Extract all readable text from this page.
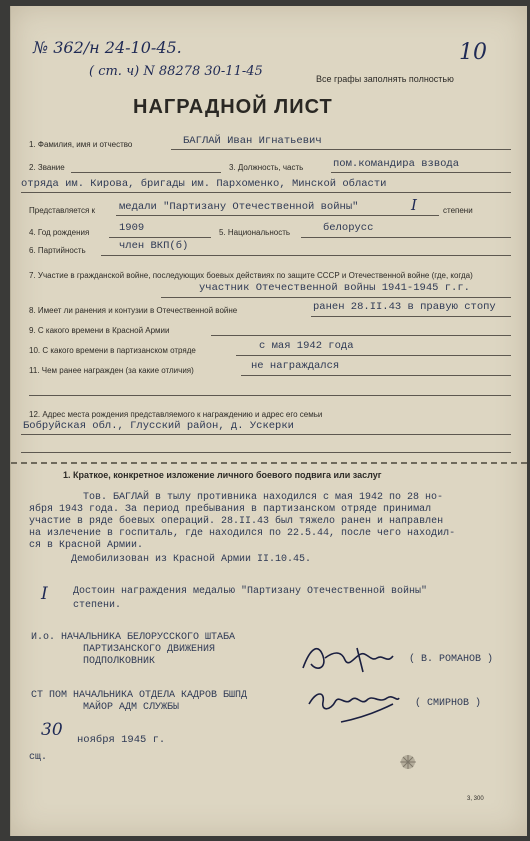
№ 362/н 24-10-45.
( ст. ч) N 88278 30-11-45
10
Все графы заполнять полностью
НАГРАДНОЙ ЛИСТ
1. Фамилия, имя и отчество	БАГЛАЙ Иван Игнатьевич
2. Звание	3. Должность, часть	пом.командира взвода
отряда им. Кирова, бригады им. Пархоменко, Минской области
Представляется к медали "Партизану Отечественной войны"	I	степени
4. Год рождения	1909	5. Национальность	белорусс
6. Партийность	член ВКП(б)
7. Участие в гражданской войне, последующих боевых действиях по защите СССР и Отечественной войне (где, когда)
участник Отечественной войны 1941-1945 г.г.
8. Имеет ли ранения и контузии в Отечественной войне	ранен 28.II.43 в правую стопу
9. С какого времени в Красной Армии
10. С какого времени в партизанском отряде	с мая 1942 года
11. Чем ранее награжден (за какие отличия)	не награждался
12. Адрес места рождения представляемого к награждению и адрес его семьи
Бобруйская обл., Глусский район, д. Ускерки
1. Краткое, конкретное изложение личного боевого подвига или заслуг
Тов. БАГЛАЙ в тылу противника находился с мая 1942 по 28 но-
ября 1943 года. За период пребывания в партизанском отряде принимал
участие в ряде боевых операций. 28.II.43 был тяжело ранен и направлен
на излечение в госпиталь, где находился по 22.5.44, после чего находил-
ся в Красной Армии.
Демобилизован из Красной Армии II.10.45.
I	Достоин награждения медалью "Партизану Отечественной войны"
степени.
И.о. НАЧАЛЬНИКА БЕЛОРУССКОГО ШТАБА
ПАРТИЗАНСКОГО ДВИЖЕНИЯ
ПОДПОЛКОВНИК	( В. РОМАНОВ )
СТ ПОМ НАЧАЛЬНИКА ОТДЕЛА КАДРОВ БШПД
МАЙОР АДМ СЛУЖБЫ	( СМИРНОВ )
30 ноября 1945 г.
сщ.
3, 300
